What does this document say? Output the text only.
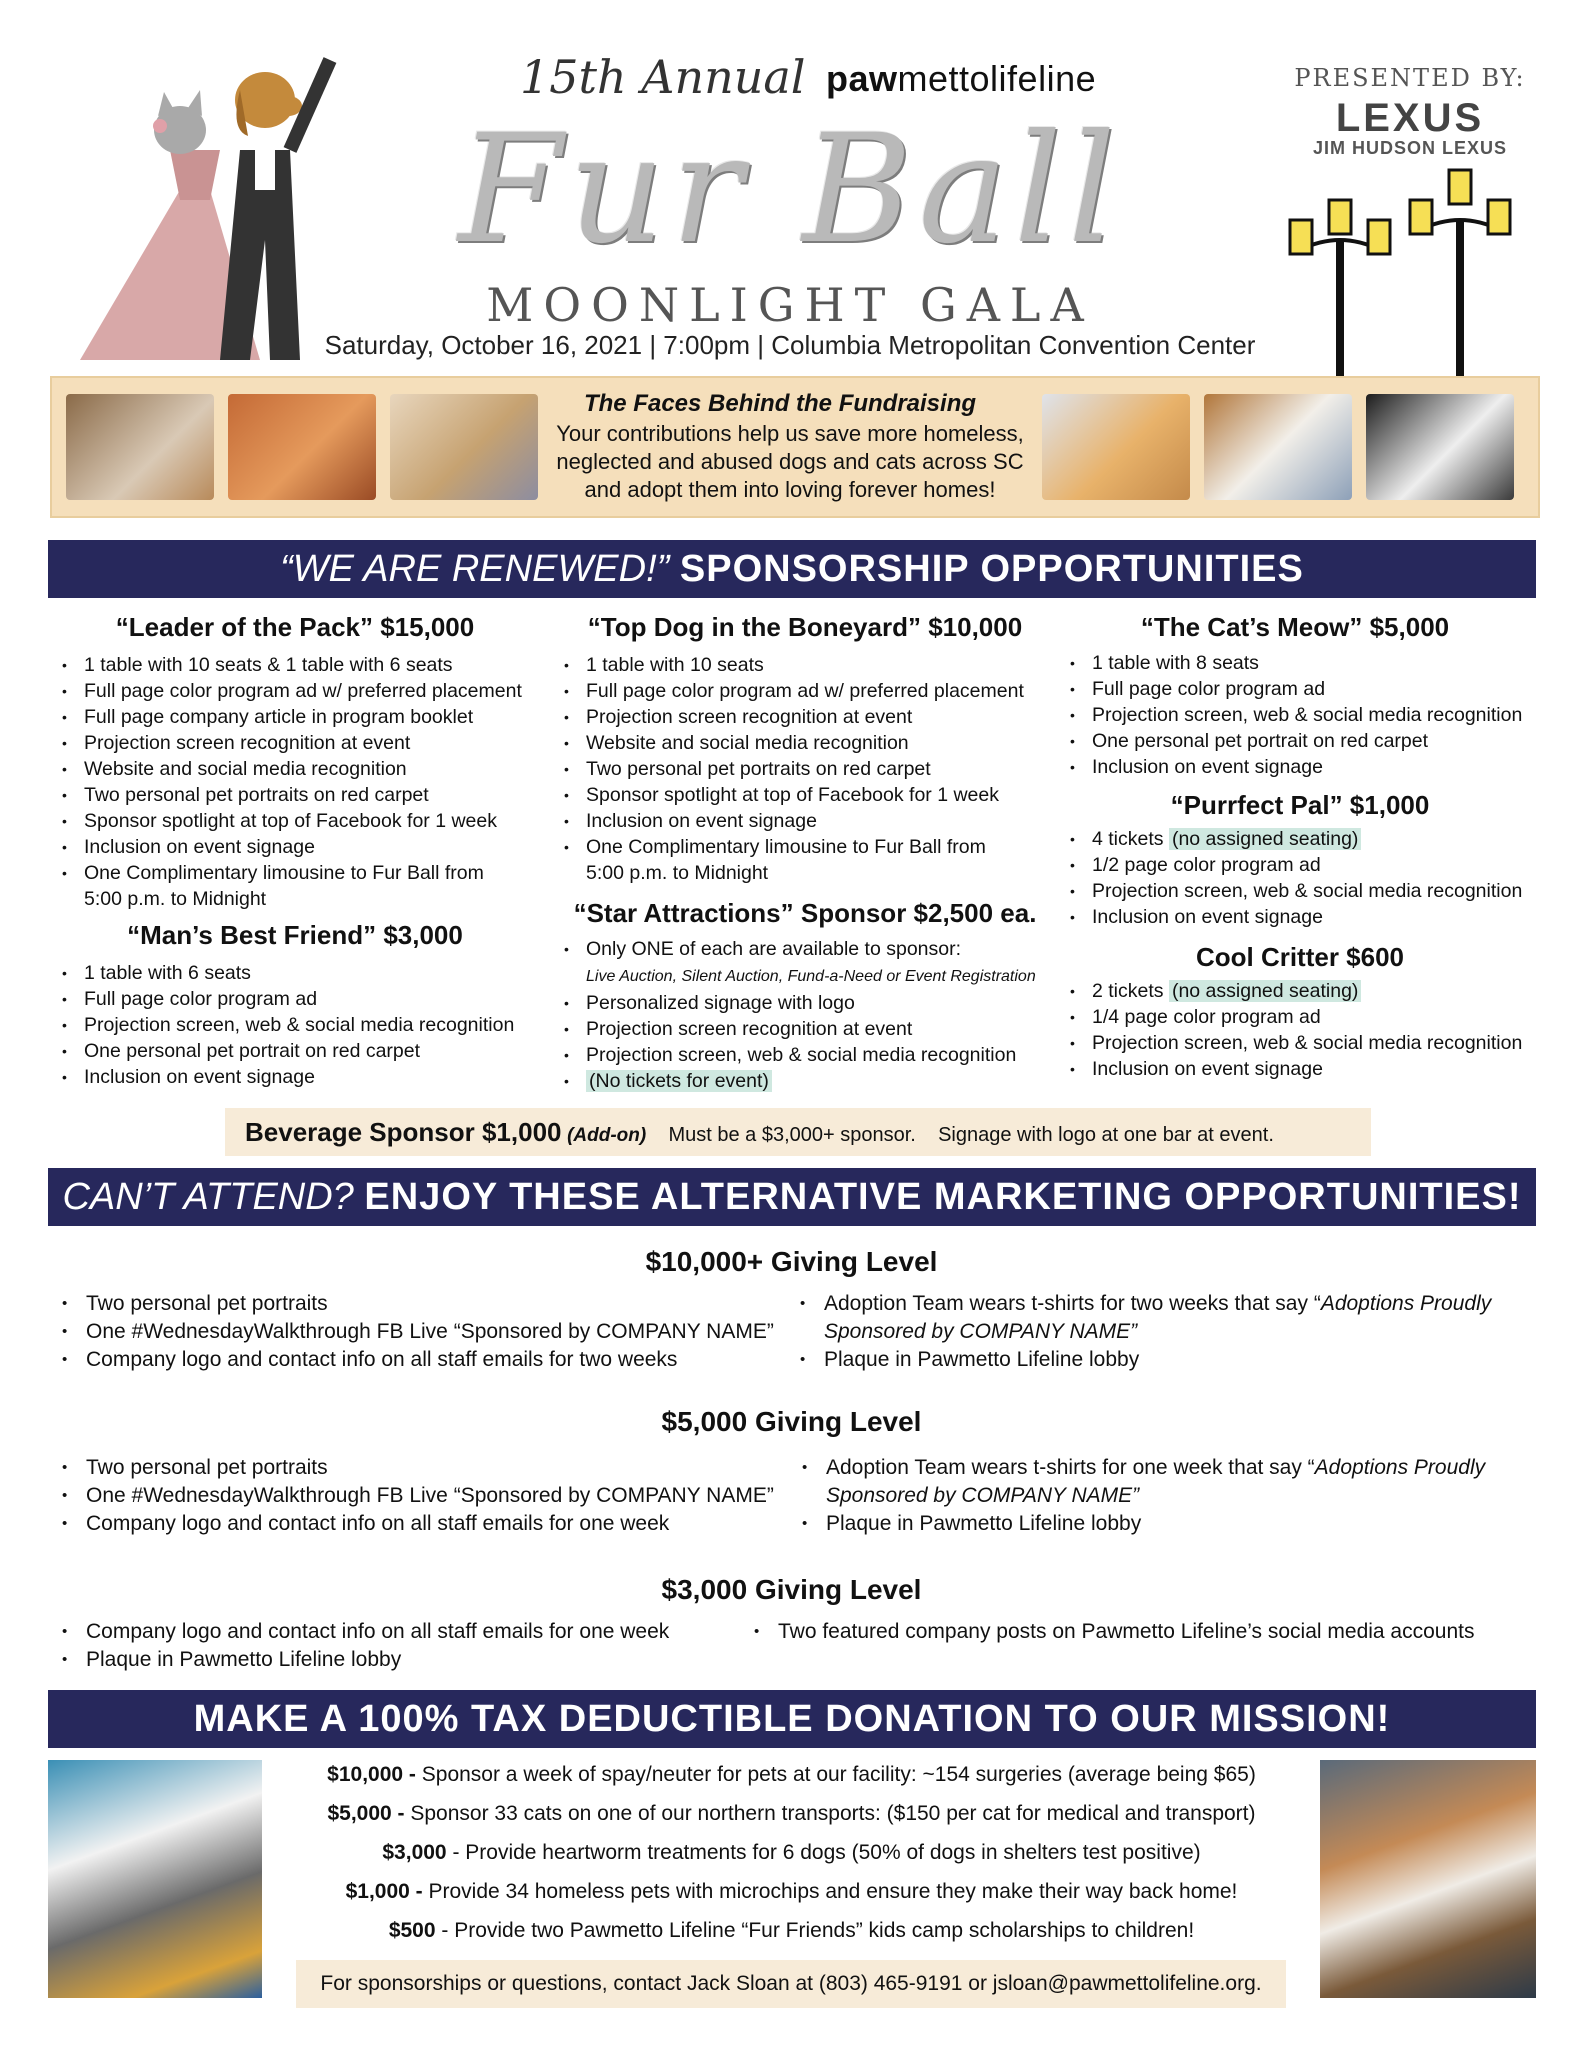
15th Annual pawmettolifeline
Fur Ball
MOONLIGHT GALA
Saturday, October 16, 2021 | 7:00pm | Columbia Metropolitan Convention Center
PRESENTED BY:
LEXUS
JIM HUDSON LEXUS
The Faces Behind the Fundraising
Your contributions help us save more homeless, neglected and abused dogs and cats across SC and adopt them into loving forever homes!
“WE ARE RENEWED!” SPONSORSHIP OPPORTUNITIES
“Leader of the Pack” $15,000
• 1 table with 10 seats & 1 table with 6 seats
• Full page color program ad w/ preferred placement
• Full page company article in program booklet
• Projection screen recognition at event
• Website and social media recognition
• Two personal pet portraits on red carpet
• Sponsor spotlight at top of Facebook for 1 week
• Inclusion on event signage
• One Complimentary limousine to Fur Ball from
5:00 p.m. to Midnight
“Man’s Best Friend” $3,000
• 1 table with 6 seats
• Full page color program ad
• Projection screen, web & social media recognition
• One personal pet portrait on red carpet
• Inclusion on event signage
“Top Dog in the Boneyard” $10,000
• 1 table with 10 seats
• Full page color program ad w/ preferred placement
• Projection screen recognition at event
• Website and social media recognition
• Two personal pet portraits on red carpet
• Sponsor spotlight at top of Facebook for 1 week
• Inclusion on event signage
• One Complimentary limousine to Fur Ball from
5:00 p.m. to Midnight
“Star Attractions” Sponsor $2,500 ea.
• Only ONE of each are available to sponsor:
Live Auction, Silent Auction, Fund-a-Need or Event Registration
• Personalized signage with logo
• Projection screen recognition at event
• Projection screen, web & social media recognition
• (No tickets for event)
“The Cat’s Meow” $5,000
• 1 table with 8 seats
• Full page color program ad
• Projection screen, web & social media recognition
• One personal pet portrait on red carpet
• Inclusion on event signage
“Purrfect Pal” $1,000
• 4 tickets (no assigned seating)
• 1/2 page color program ad
• Projection screen, web & social media recognition
• Inclusion on event signage
Cool Critter $600
• 2 tickets (no assigned seating)
• 1/4 page color program ad
• Projection screen, web & social media recognition
• Inclusion on event signage
Beverage Sponsor $1,000 (Add-on) Must be a $3,000+ sponsor. Signage with logo at one bar at event.
CAN’T ATTEND? ENJOY THESE ALTERNATIVE MARKETING OPPORTUNITIES!
$10,000+ Giving Level
• Two personal pet portraits
• One #WednesdayWalkthrough FB Live “Sponsored by COMPANY NAME”
• Company logo and contact info on all staff emails for two weeks
• Adoption Team wears t-shirts for two weeks that say “Adoptions Proudly Sponsored by COMPANY NAME”
• Plaque in Pawmetto Lifeline lobby
$5,000 Giving Level
• Two personal pet portraits
• One #WednesdayWalkthrough FB Live “Sponsored by COMPANY NAME”
• Company logo and contact info on all staff emails for one week
• Adoption Team wears t-shirts for one week that say “Adoptions Proudly Sponsored by COMPANY NAME”
• Plaque in Pawmetto Lifeline lobby
$3,000 Giving Level
• Company logo and contact info on all staff emails for one week
• Plaque in Pawmetto Lifeline lobby
• Two featured company posts on Pawmetto Lifeline’s social media accounts
MAKE A 100% TAX DEDUCTIBLE DONATION TO OUR MISSION!
$10,000 - Sponsor a week of spay/neuter for pets at our facility: ~154 surgeries (average being $65)
$5,000 - Sponsor 33 cats on one of our northern transports: ($150 per cat for medical and transport)
$3,000 - Provide heartworm treatments for 6 dogs (50% of dogs in shelters test positive)
$1,000 - Provide 34 homeless pets with microchips and ensure they make their way back home!
$500 - Provide two Pawmetto Lifeline “Fur Friends” kids camp scholarships to children!
For sponsorships or questions, contact Jack Sloan at (803) 465-9191 or jsloan@pawmettolifeline.org.
